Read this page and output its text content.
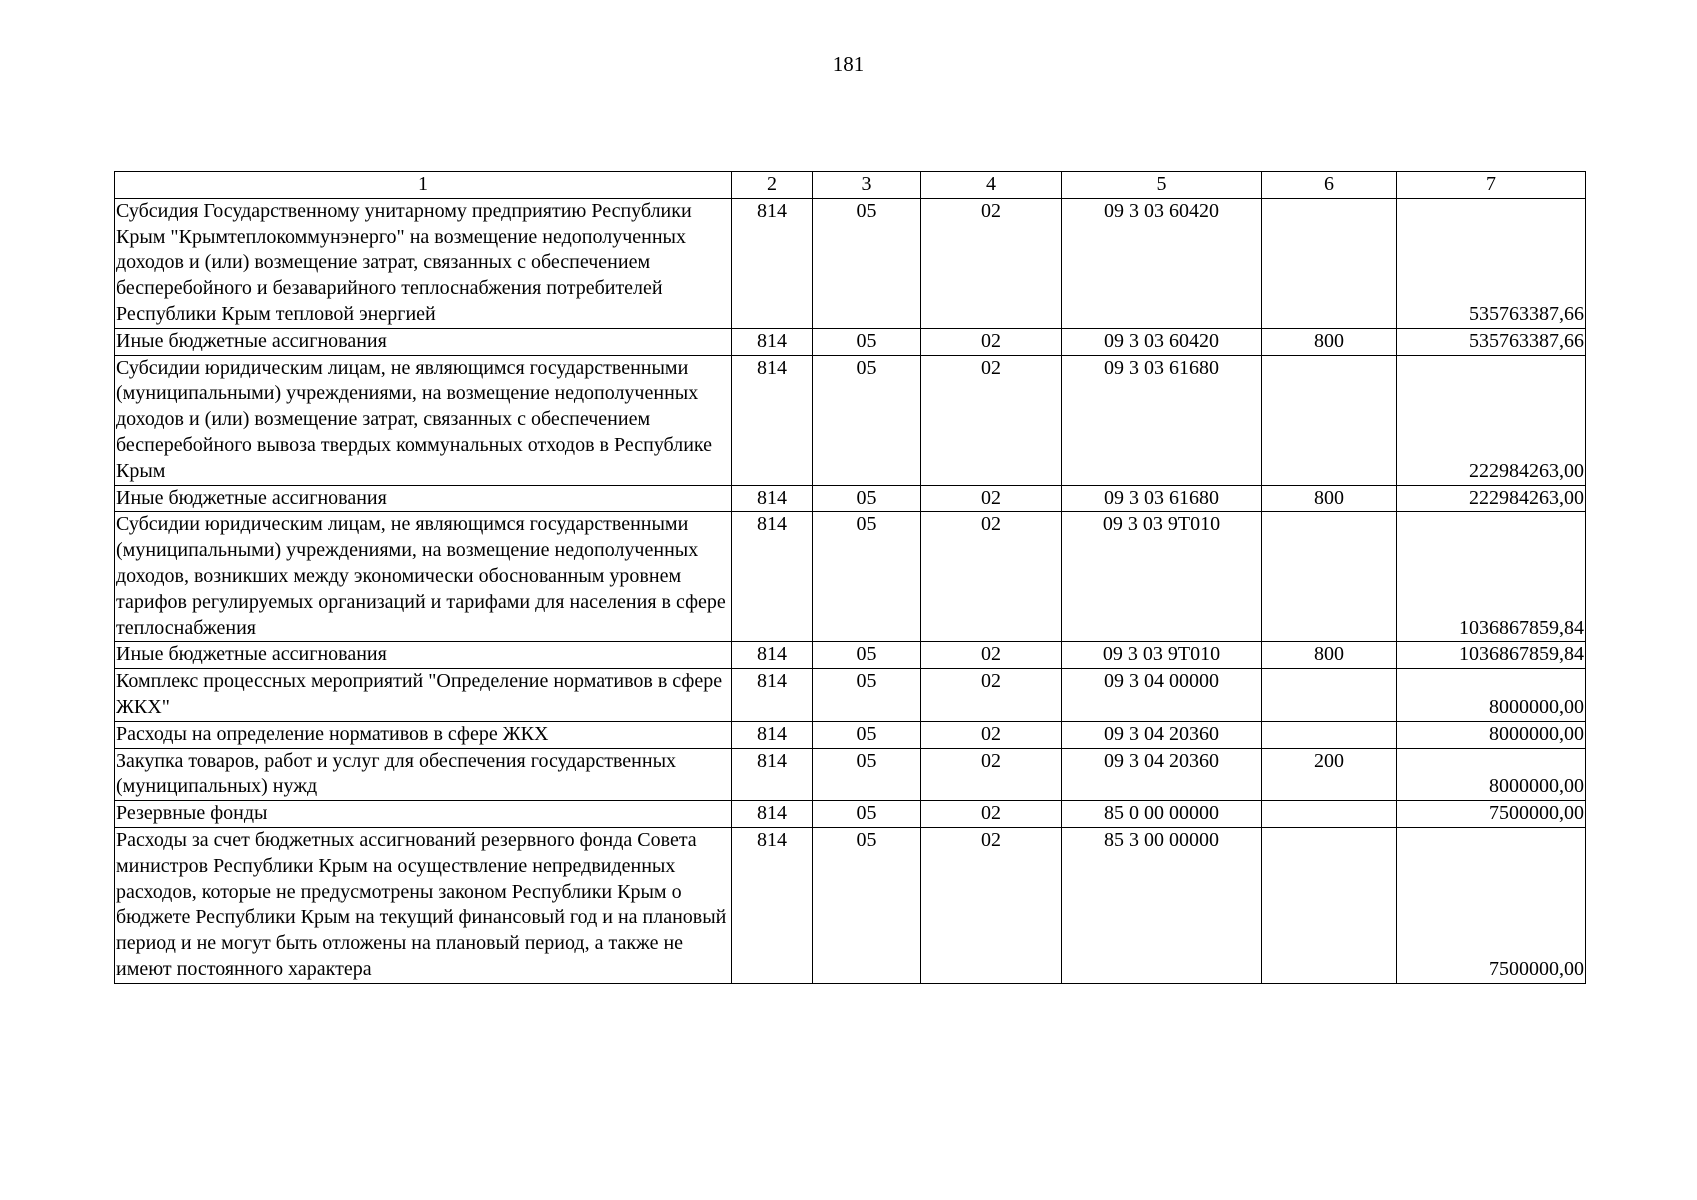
181
1	2	3	4	5	6	7
Субсидия Государственному унитарному предприятию Республики Крым "Крымтеплокоммунэнерго" на возмещение недополученных доходов и (или) возмещение затрат, связанных с обеспечением бесперебойного и безаварийного теплоснабжения потребителей Республики Крым тепловой энергией	814	05	02	09 3 03 60420		535763387,66
Иные бюджетные ассигнования	814	05	02	09 3 03 60420	800	535763387,66
Субсидии юридическим лицам, не являющимся государственными (муниципальными) учреждениями, на возмещение недополученных доходов и (или) возмещение затрат, связанных с обеспечением бесперебойного вывоза твердых коммунальных отходов в Республике Крым	814	05	02	09 3 03 61680		222984263,00
Иные бюджетные ассигнования	814	05	02	09 3 03 61680	800	222984263,00
Субсидии юридическим лицам, не являющимся государственными (муниципальными) учреждениями, на возмещение недополученных доходов, возникших между экономически обоснованным уровнем тарифов регулируемых организаций и тарифами для населения в сфере теплоснабжения	814	05	02	09 3 03 9Т010		1036867859,84
Иные бюджетные ассигнования	814	05	02	09 3 03 9Т010	800	1036867859,84
Комплекс процессных мероприятий "Определение нормативов в сфере ЖКХ"	814	05	02	09 3 04 00000		8000000,00
Расходы на определение нормативов в сфере ЖКХ	814	05	02	09 3 04 20360		8000000,00
Закупка товаров, работ и услуг для обеспечения государственных (муниципальных) нужд	814	05	02	09 3 04 20360	200	8000000,00
Резервные фонды	814	05	02	85 0 00 00000		7500000,00
Расходы за счет бюджетных ассигнований резервного фонда Совета министров Республики Крым на осуществление непредвиденных расходов, которые не предусмотрены законом Республики Крым о бюджете Республики Крым на текущий финансовый год и на плановый период и не могут быть отложены на плановый период, а также не имеют постоянного характера	814	05	02	85 3 00 00000		7500000,00
